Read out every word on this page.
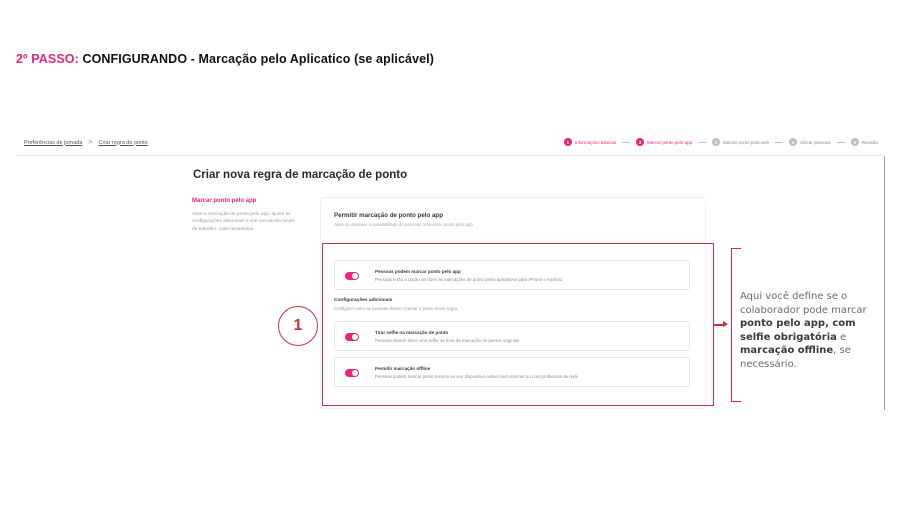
2º PASSO: CONFIGURANDO - Marcação pelo Aplicatico (se aplicável)
Preferências de jornada > Criar regra de ponto	1	Informações básicas	2	Marcar ponto pelo app	3	Marcar ponto pela web	4	Alocar pessoas	5	Revisão
Criar nova regra de marcação de ponto
Marcar ponto pelo app
Ative a marcação de ponto pelo app, ajuste as configurações adicionais e crie cercas em locais de trabalho, caso necessário.
Permitir marcação de ponto pelo app
Ative ou desative a possibilidade de pessoas marcarem ponto pelo app
Pessoas podem marcar ponto pelo app
Pessoas terão a opção de fazer as marcações de ponto pelos aplicativos para iPhone e Android
Configurações adicionais
Configure como as pessoas devem marcar o ponto nesta regra
Tirar selfie na marcação de ponto
Pessoas devem fazer uma selfie na hora da marcação de pontos originais.
Permitir marcação offline
Pessoas podem marcar ponto mesmo se seu dispositivo estiver sem internet ou com problemas de rede
1
Aqui você define se o colaborador pode marcar ponto pelo app, com selfie obrigatória e marcação offline, se necessário.
